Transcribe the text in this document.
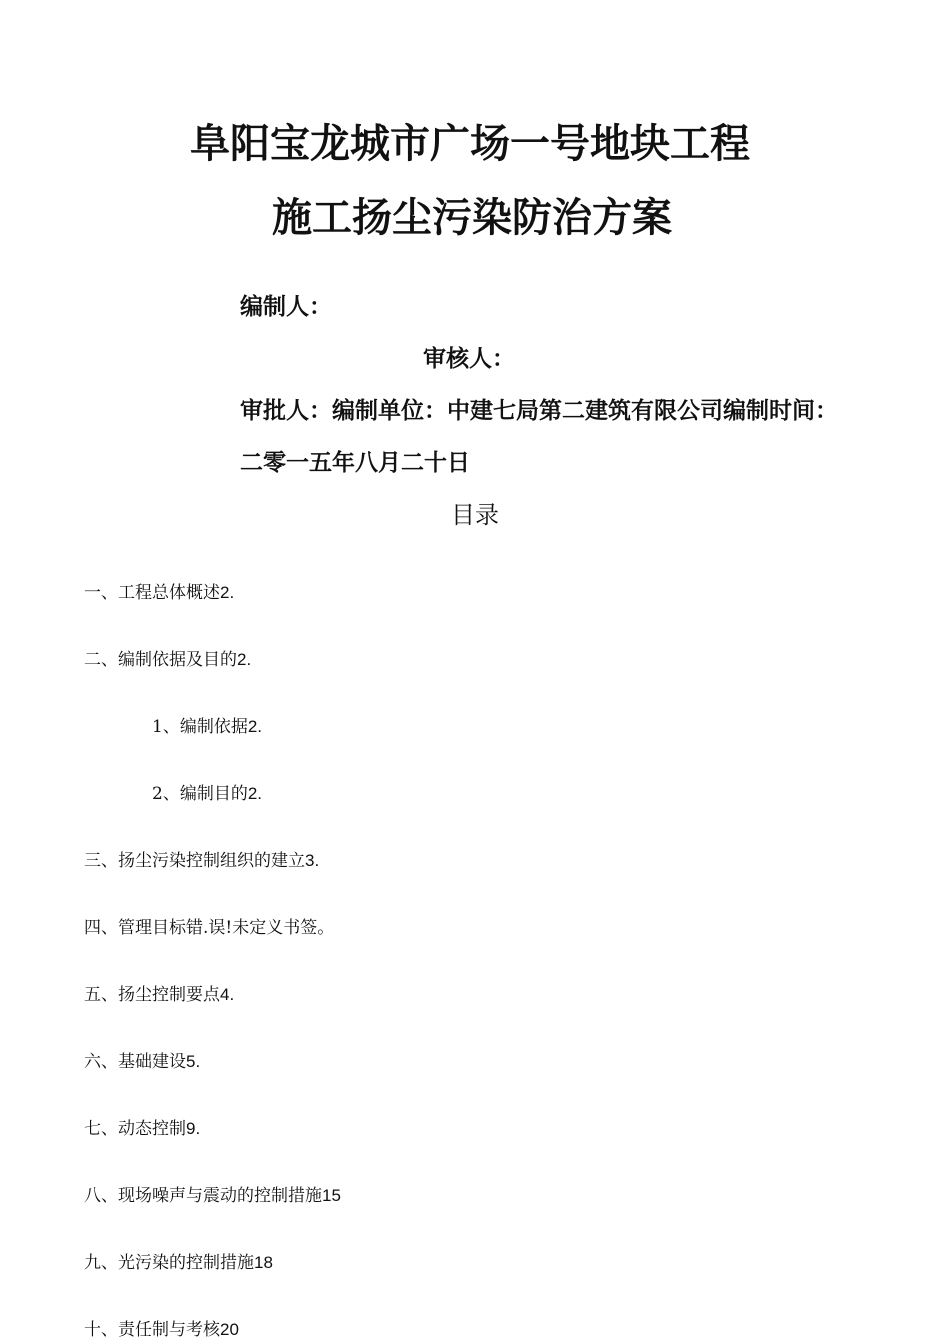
阜阳宝龙城市广场一号地块工程
施工扬尘污染防治方案
编制人：
审核人：
审批人：编制单位：中建七局第二建筑有限公司编制时间：
二零一五年八月二十日
目录
一、工程总体概述2.
二、编制依据及目的2.
1、编制依据2.
2、编制目的2.
三、扬尘污染控制组织的建立3.
四、管理目标错.误!未定义书签。
五、扬尘控制要点4.
六、基础建设5.
七、动态控制9.
八、现场噪声与震动的控制措施15
九、光污染的控制措施18
十、责任制与考核20
